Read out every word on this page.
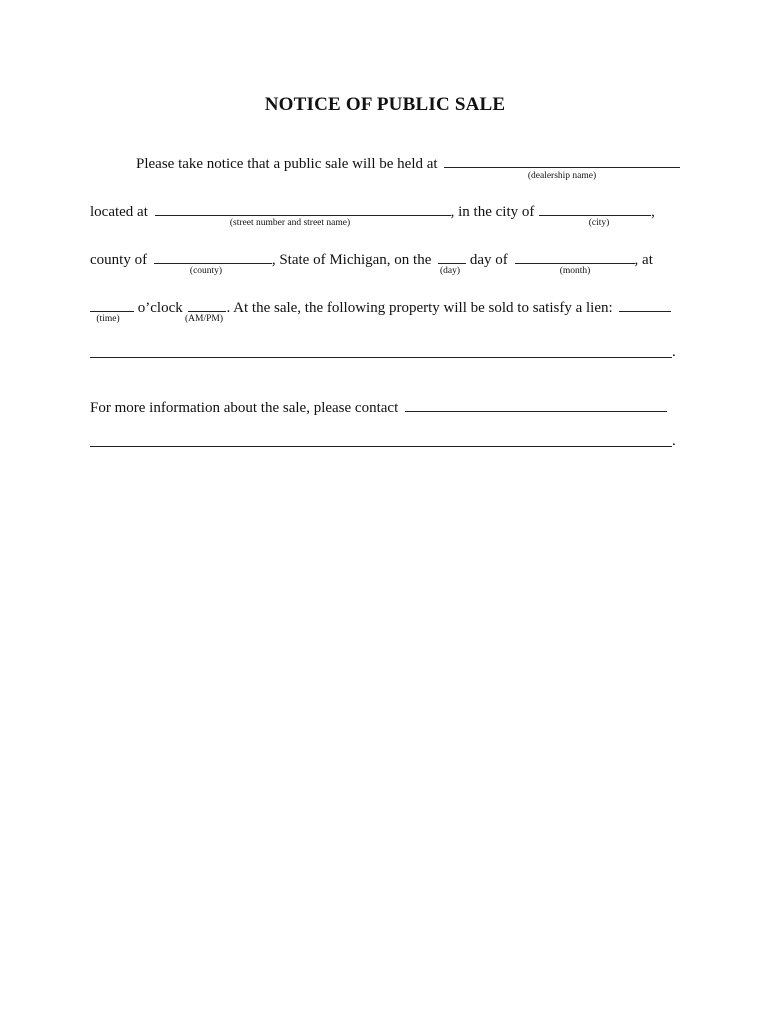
NOTICE OF PUBLIC SALE
Please take notice that a public sale will be held at
(dealership name)
located at	, in the city of	,
(street number and street name)	(city)
county of	, State of Michigan, on the	day of	, at
(county)	(day)	(month)
o’clock	. At the sale, the following property will be sold to satisfy a lien:
(time)	(AM/PM)
.
For more information about the sale, please contact
.
